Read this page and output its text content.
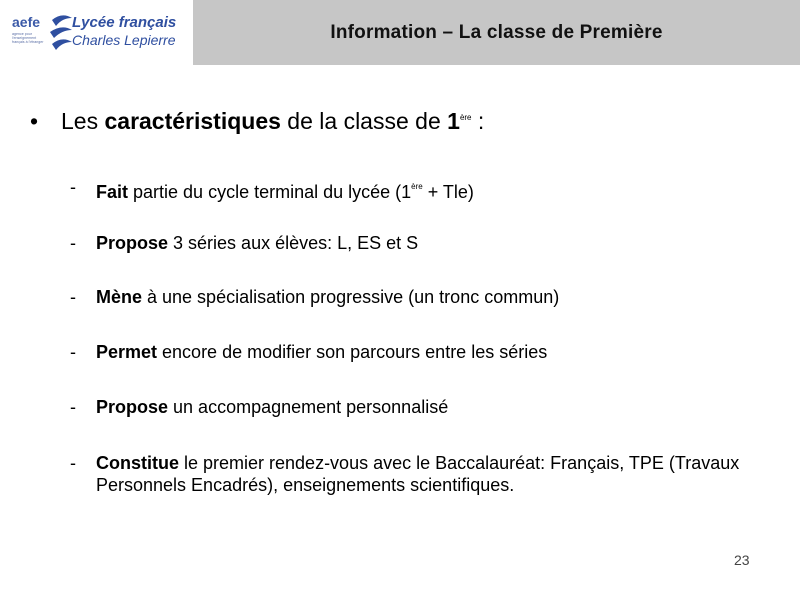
Information – La classe de Première
aefe
agence pour l'enseignement français à l'étranger
Lycée français
Charles Lepierre
• Les caractéristiques de la classe de 1ère :
- Fait partie du cycle terminal du lycée (1ère + Tle)
- Propose 3 séries aux élèves: L, ES et S
- Mène à une spécialisation progressive (un tronc commun)
- Permet encore de modifier son parcours entre les séries
- Propose un accompagnement personnalisé
- Constitue le premier rendez-vous avec le Baccalauréat: Français, TPE (Travaux Personnels Encadrés), enseignements scientifiques.
23
